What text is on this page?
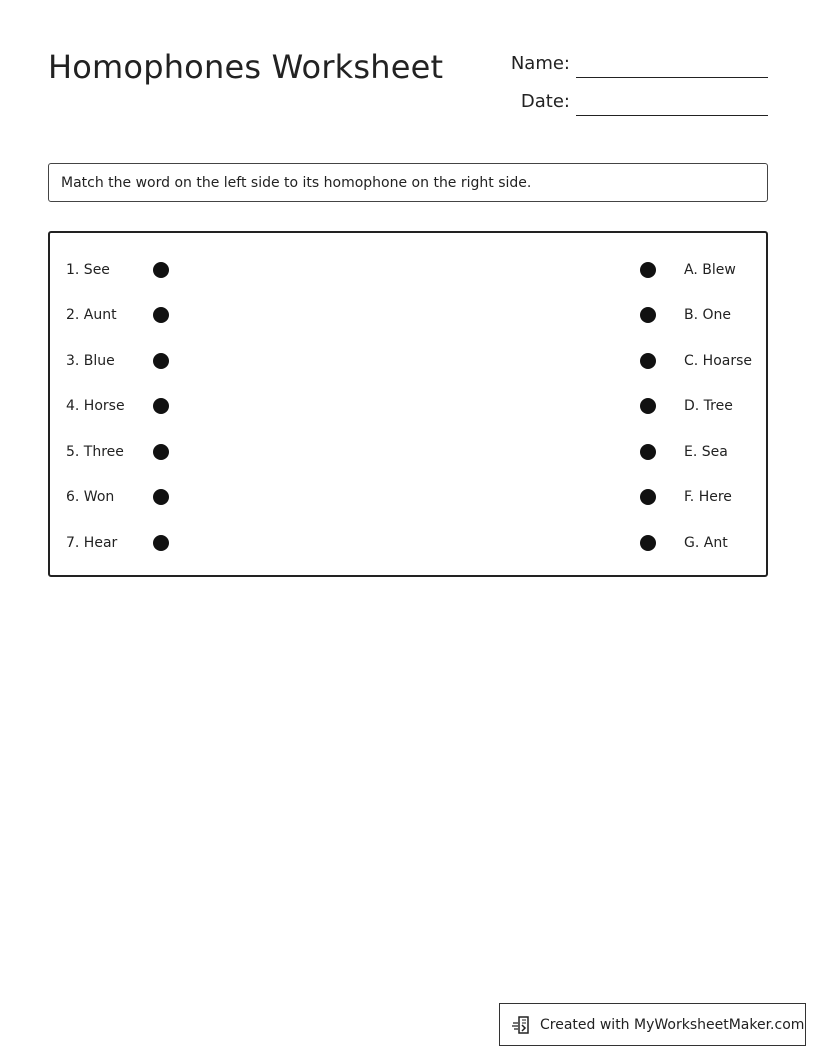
Homophones Worksheet	Name:
Date:
Match the word on the left side to its homophone on the right side.
1. See	A. Blew
2. Aunt	B. One
3. Blue	C. Hoarse
4. Horse	D. Tree
5. Three	E. Sea
6. Won	F. Here
7. Hear	G. Ant
Created with MyWorksheetMaker.com
